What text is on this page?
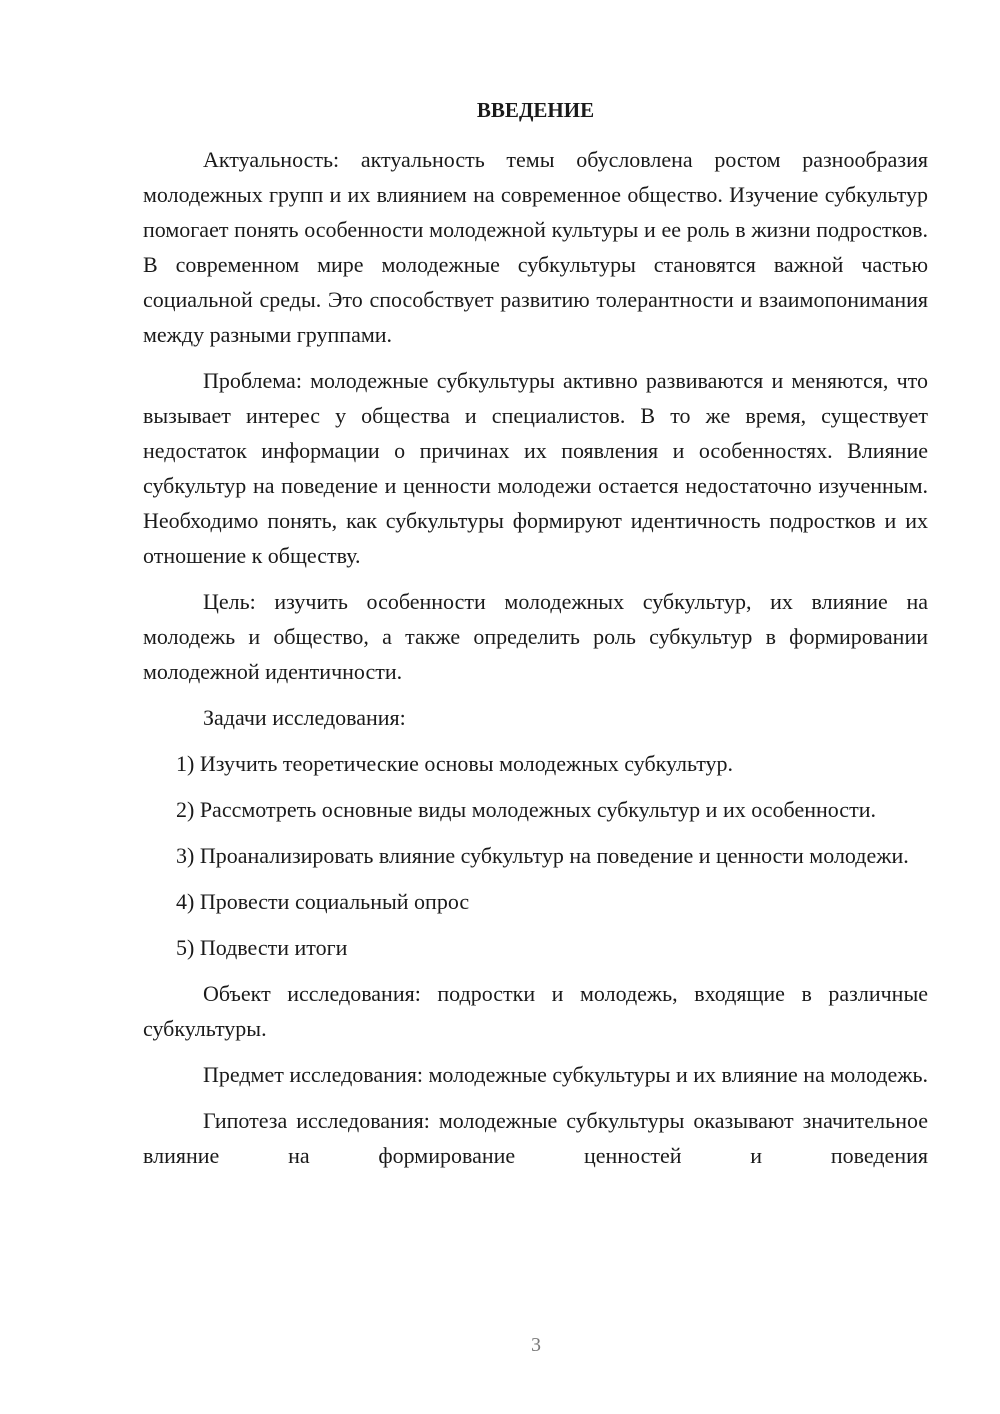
ВВЕДЕНИЕ

Актуальность: актуальность темы обусловлена ростом разнообразия молодежных групп и их влиянием на современное общество. Изучение субкультур помогает понять особенности молодежной культуры и ее роль в жизни подростков. В современном мире молодежные субкультуры становятся важной частью социальной среды. Это способствует развитию толерантности и взаимопонимания между разными группами.

Проблема: молодежные субкультуры активно развиваются и меняются, что вызывает интерес у общества и специалистов. В то же время, существует недостаток информации о причинах их появления и особенностях. Влияние субкультур на поведение и ценности молодежи остается недостаточно изученным. Необходимо понять, как субкультуры формируют идентичность подростков и их отношение к обществу.

Цель: изучить особенности молодежных субкультур, их влияние на молодежь и общество, а также определить роль субкультур в формировании молодежной идентичности.

Задачи исследования:

1) Изучить теоретические основы молодежных субкультур.

2) Рассмотреть основные виды молодежных субкультур и их особенности.

3) Проанализировать влияние субкультур на поведение и ценности молодежи.

4) Провести социальный опрос

5) Подвести итоги

Объект исследования: подростки и молодежь, входящие в различные субкультуры.

Предмет исследования: молодежные субкультуры и их влияние на молодежь.

Гипотеза исследования: молодежные субкультуры оказывают значительное влияние на формирование ценностей и поведения

3
